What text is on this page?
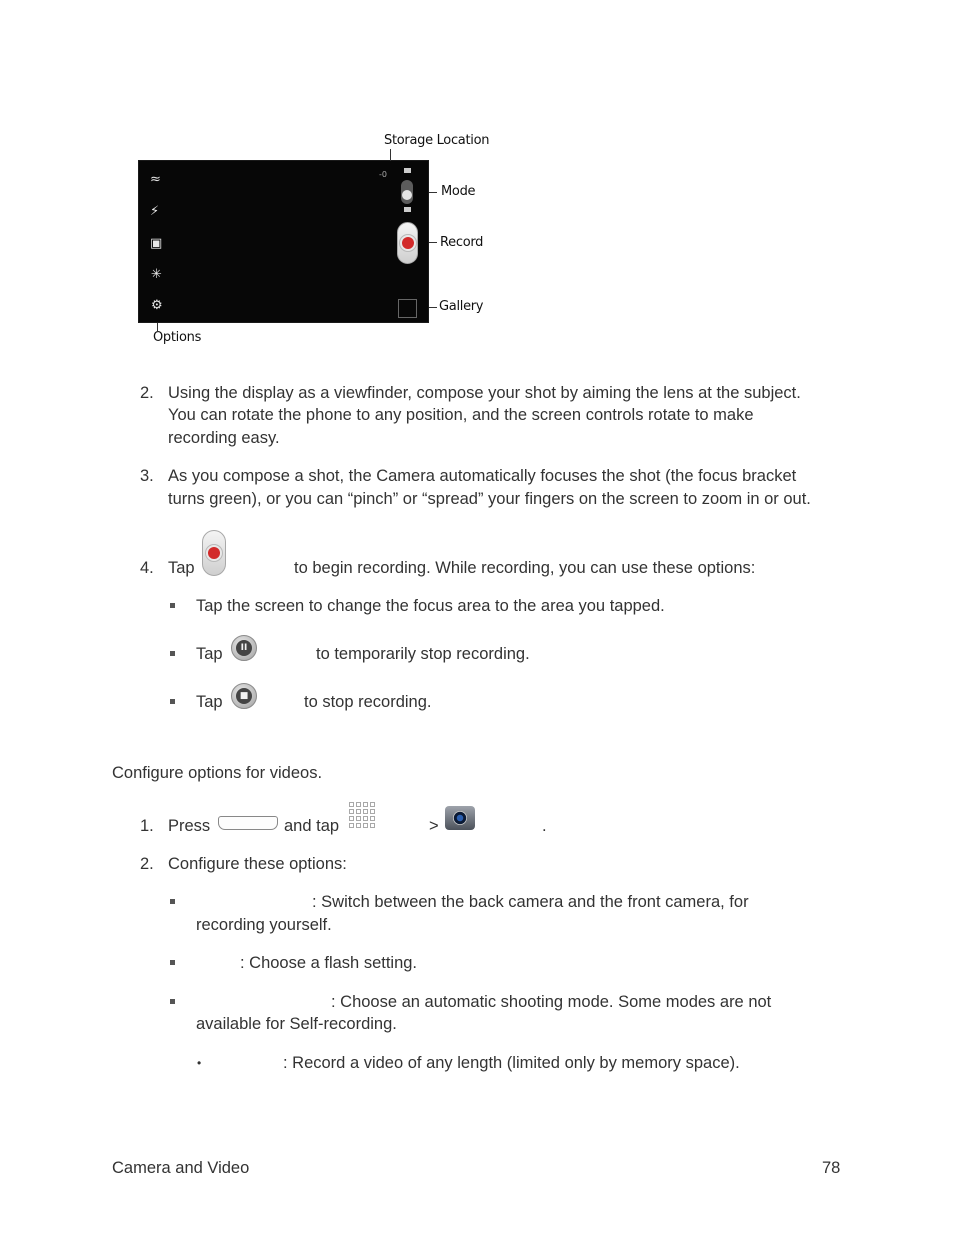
≈
⚡
▣
✳
⚙
-0
Storage Location
Mode
Record
Gallery
Options
2. Using the display as a viewfinder, compose your shot by aiming the lens at the subject.
You can rotate the phone to any position, and the screen controls rotate to make
recording easy.
3. As you compose a shot, the Camera automatically focuses the shot (the focus bracket
turns green), or you can “pinch” or “spread” your fingers on the screen to zoom in or out.
4. Tap	to begin recording. While recording, you can use these options:
Tap the screen to change the focus area to the area you tapped.
Tap	II	to temporarily stop recording.
Tap	■	to stop recording.
Configure options for videos.
1. Press	and tap	>	.
2. Configure these options:
: Switch between the back camera and the front camera, for
recording yourself.
: Choose a flash setting.
: Choose an automatic shooting mode. Some modes are not
available for Self-recording.
•	: Record a video of any length (limited only by memory space).
Camera and Video	78
